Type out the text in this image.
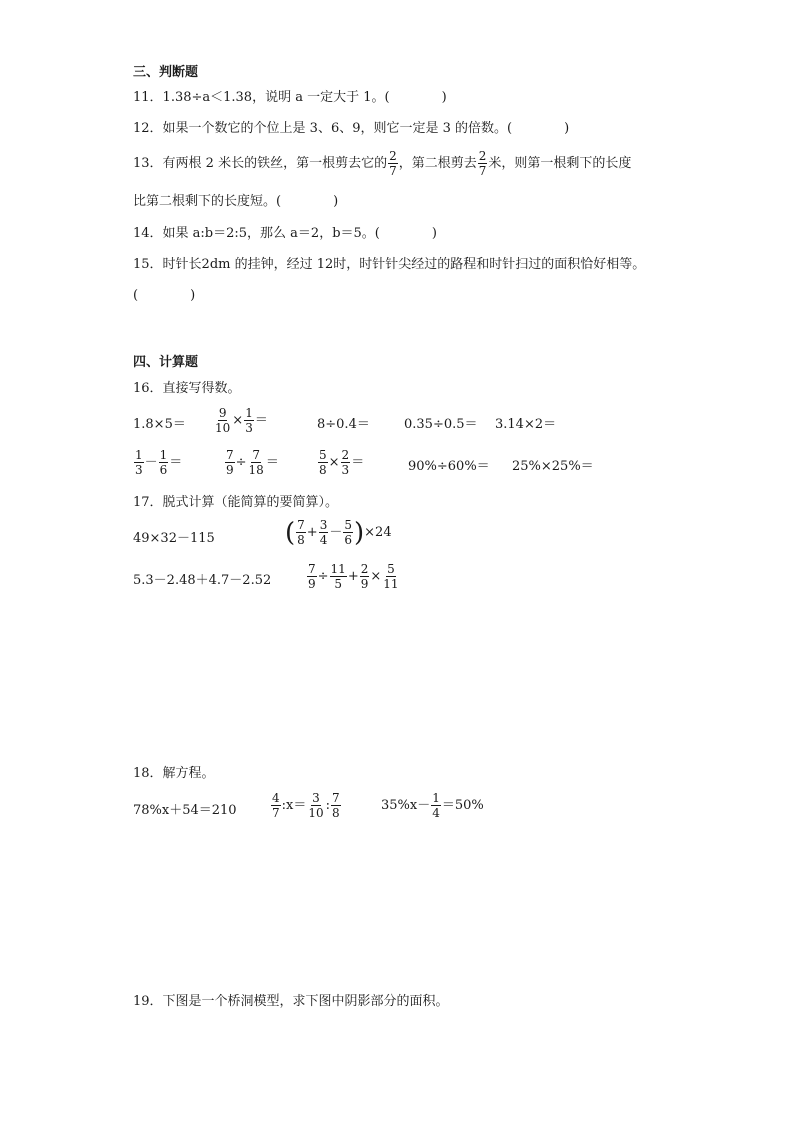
三、判断题
11．1.38÷a＜1.38，说明 a 一定大于 1。(　　　　)
12．如果一个数它的个位上是 3、6、9，则它一定是 3 的倍数。(　　　　)
13．有两根 2 米长的铁丝，第一根剪去它的 $\frac{2}{7}$ ，第二根剪去 $\frac{2}{7}$ 米，则第一根剩下的长度
比第二根剩下的长度短。(　　　　)
14．如果 a:b＝2:5，那么 a＝2，b＝5。(　　　　)
15．时针长2dm 的挂钟，经过 12时，时针针尖经过的路程和时针扫过的面积恰好相等。
(　　　　)
四、计算题
16．直接写得数。
$1.8\times 5= \frac{9}{10} \times \frac{1}{3}$ ＝	8÷0.4＝	0.35÷0.5＝ 3.14×2＝
$\frac{1}{3} - \frac{1}{6}$ ＝	$\frac{7}{9} \div \frac{7}{18}$ ＝	$\frac{5}{8} \times \frac{2}{3}$ ＝	90%÷60%＝ 25%×25%＝
17．脱式计算（能简算的要简算）。
49×32－115	( $\frac{7}{8} + \frac{3}{4} - \frac{5}{6}$ ) ×24
5.3－2.48＋4.7－2.52	$\frac{7}{9} \div \frac{11}{5} + \frac{2}{9} \times \frac{5}{11}$
18．解方程。
78%x＋54＝210	$\frac{4}{7}$ :x＝ $\frac{3}{10}$ : $\frac{7}{8}$	$35\%x- \frac{1}{4} =50\%$
19．下图是一个桥洞模型，求下图中阴影部分的面积。
